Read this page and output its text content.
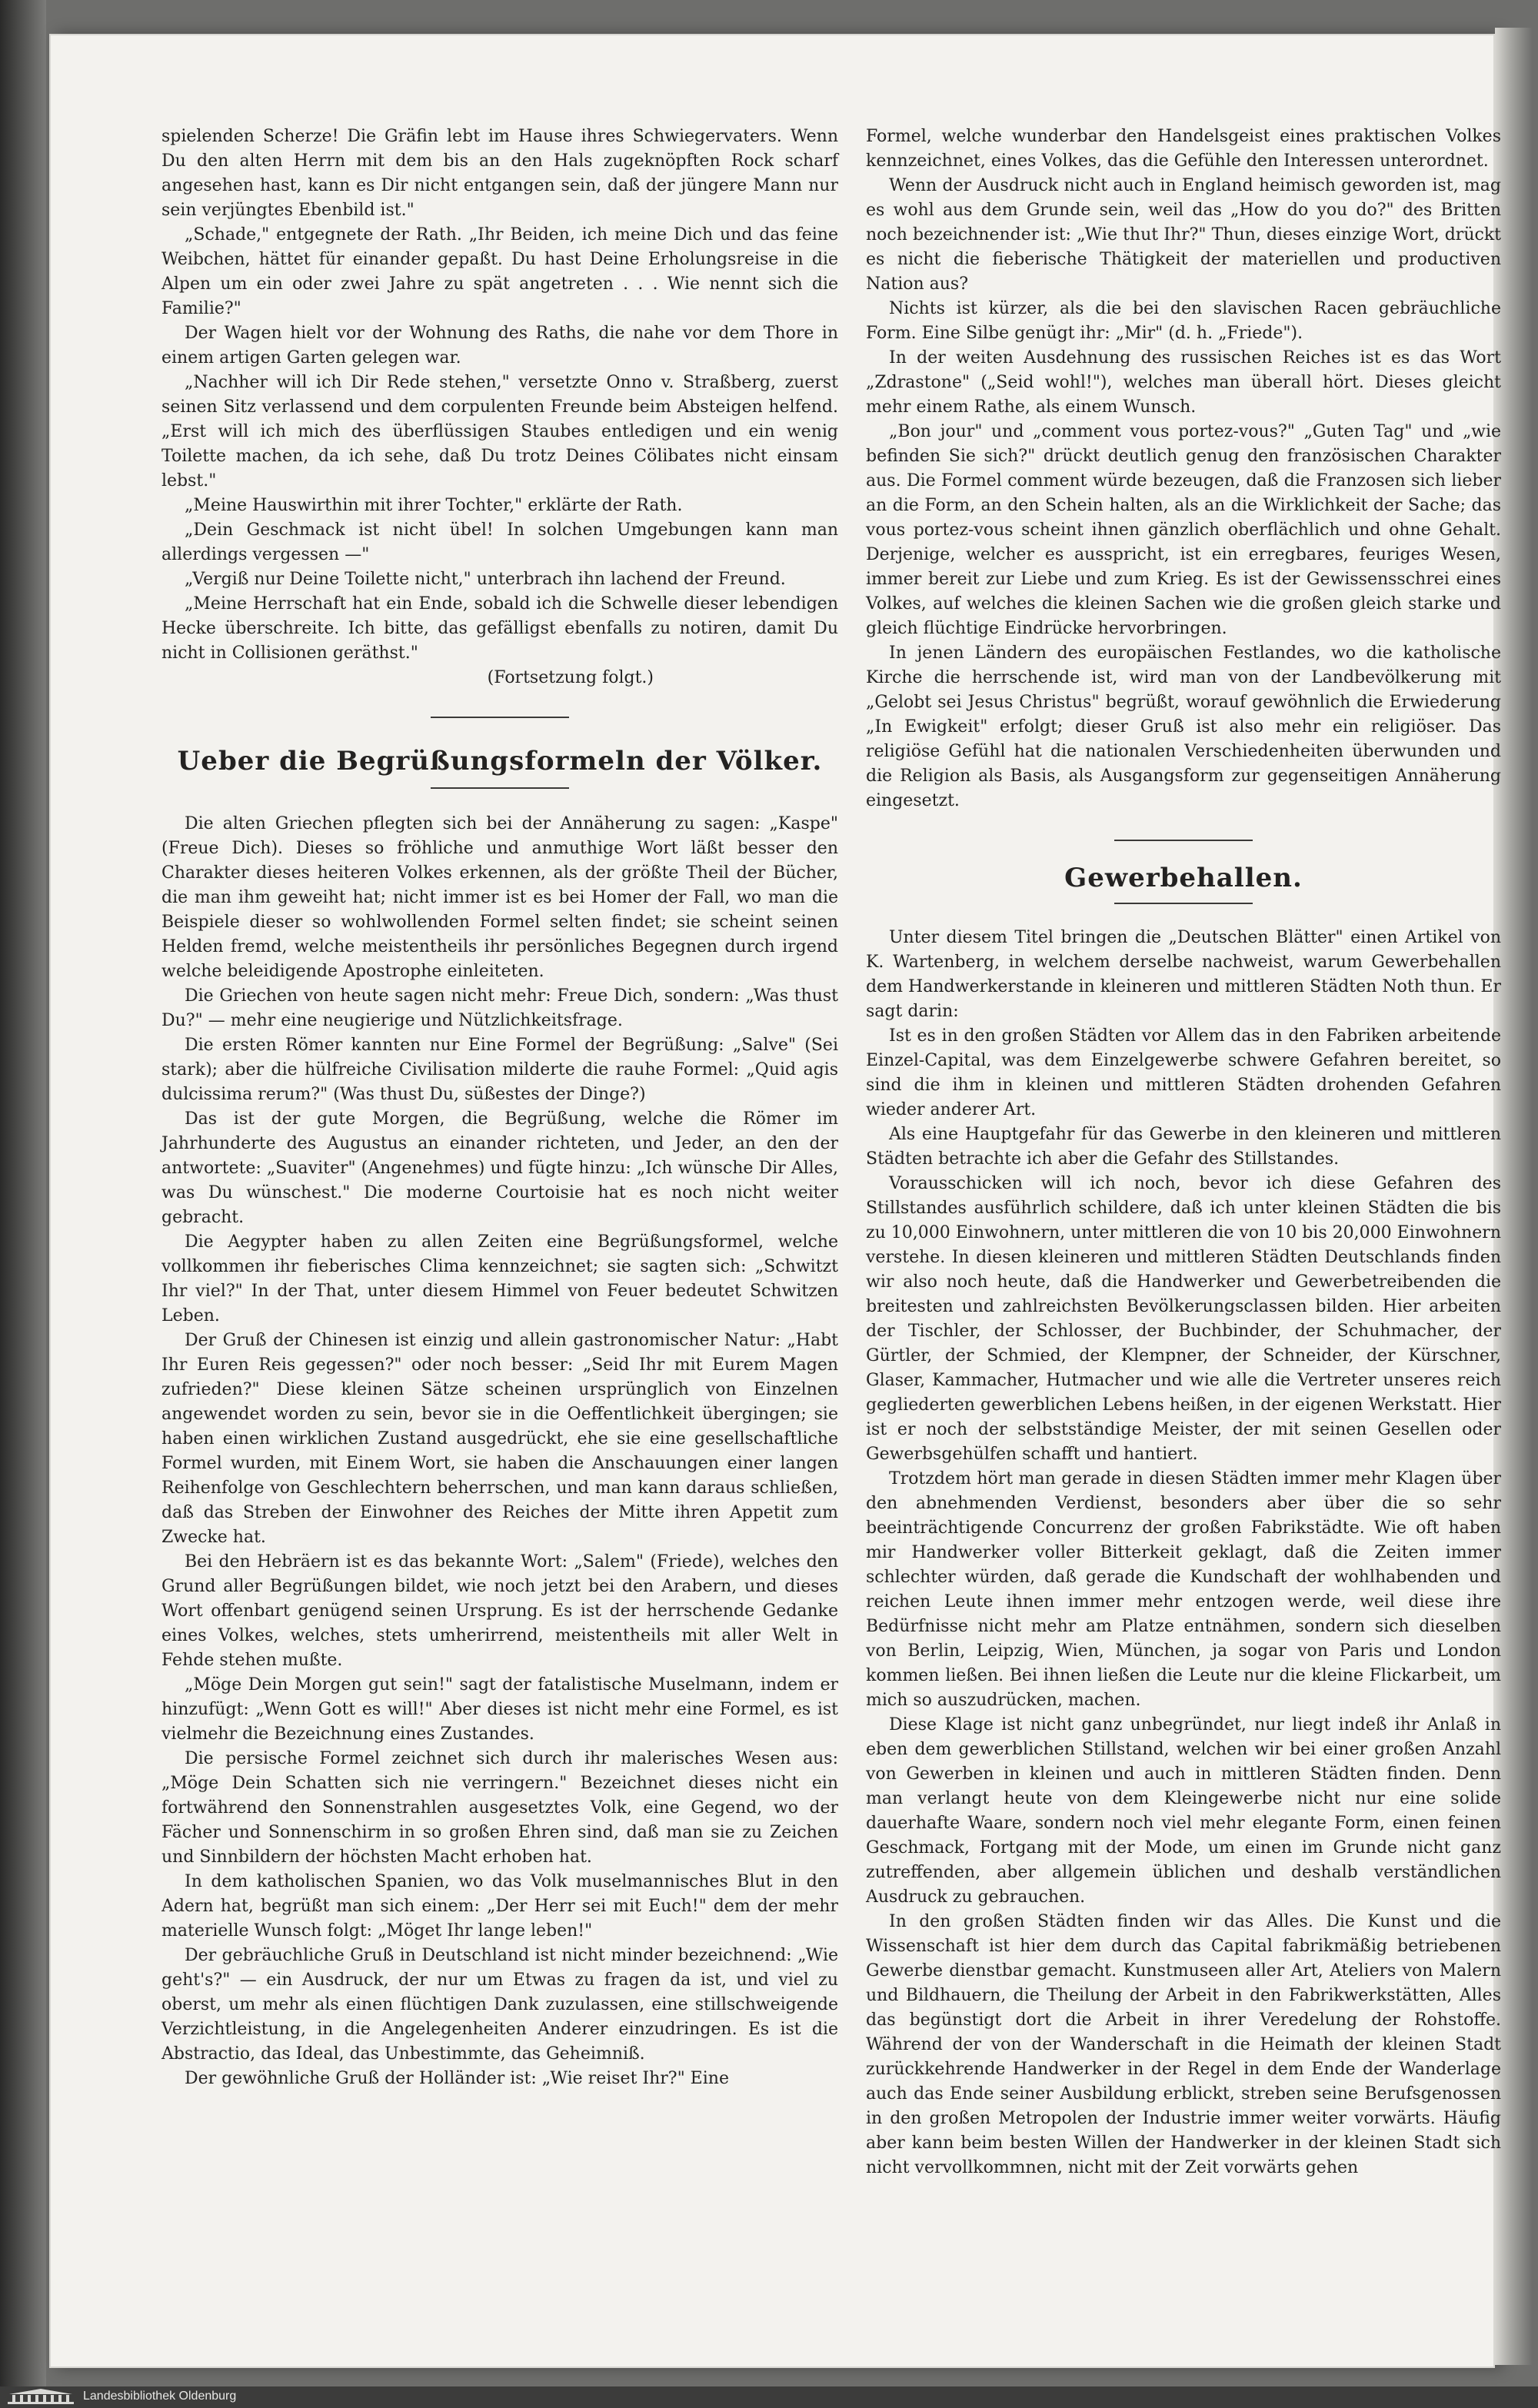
spielenden Scherze! Die Gräfin lebt im Hause ihres Schwiegervaters. Wenn Du den alten Herrn mit dem bis an den Hals zugeknöpften Rock scharf angesehen hast, kann es Dir nicht entgangen sein, daß der jüngere Mann nur sein verjüngtes Ebenbild ist."

„Schade," entgegnete der Rath. „Ihr Beiden, ich meine Dich und das feine Weibchen, hättet für einander gepaßt. Du hast Deine Erholungsreise in die Alpen um ein oder zwei Jahre zu spät angetreten . . . Wie nennt sich die Familie?"

Der Wagen hielt vor der Wohnung des Raths, die nahe vor dem Thore in einem artigen Garten gelegen war.

„Nachher will ich Dir Rede stehen," versetzte Onno v. Straßberg, zuerst seinen Sitz verlassend und dem corpulenten Freunde beim Absteigen helfend. „Erst will ich mich des überflüssigen Staubes entledigen und ein wenig Toilette machen, da ich sehe, daß Du trotz Deines Cölibates nicht einsam lebst."

„Meine Hauswirthin mit ihrer Tochter," erklärte der Rath.

„Dein Geschmack ist nicht übel! In solchen Umgebungen kann man allerdings vergessen —"

„Vergiß nur Deine Toilette nicht," unterbrach ihn lachend der Freund.

„Meine Herrschaft hat ein Ende, sobald ich die Schwelle dieser lebendigen Hecke überschreite. Ich bitte, das gefälligst ebenfalls zu notiren, damit Du nicht in Collisionen geräthst."

(Fortsetzung folgt.)

Ueber die Begrüßungsformeln der Völker.

Die alten Griechen pflegten sich bei der Annäherung zu sagen: „Kaspe" (Freue Dich). Dieses so fröhliche und anmuthige Wort läßt besser den Charakter dieses heiteren Volkes erkennen, als der größte Theil der Bücher, die man ihm geweiht hat; nicht immer ist es bei Homer der Fall, wo man die Beispiele dieser so wohlwollenden Formel selten findet; sie scheint seinen Helden fremd, welche meistentheils ihr persönliches Begegnen durch irgend welche beleidigende Apostrophe einleiteten.

Die Griechen von heute sagen nicht mehr: Freue Dich, sondern: „Was thust Du?" — mehr eine neugierige und Nützlichkeitsfrage.

Die ersten Römer kannten nur Eine Formel der Begrüßung: „Salve" (Sei stark); aber die hülfreiche Civilisation milderte die rauhe Formel: „Quid agis dulcissima rerum?" (Was thust Du, süßestes der Dinge?)

Das ist der gute Morgen, die Begrüßung, welche die Römer im Jahrhunderte des Augustus an einander richteten, und Jeder, an den der antwortete: „Suaviter" (Angenehmes) und fügte hinzu: „Ich wünsche Dir Alles, was Du wünschest." Die moderne Courtoisie hat es noch nicht weiter gebracht.

Die Aegypter haben zu allen Zeiten eine Begrüßungsformel, welche vollkommen ihr fieberisches Clima kennzeichnet; sie sagten sich: „Schwitzt Ihr viel?" In der That, unter diesem Himmel von Feuer bedeutet Schwitzen Leben.

Der Gruß der Chinesen ist einzig und allein gastronomischer Natur: „Habt Ihr Euren Reis gegessen?" oder noch besser: „Seid Ihr mit Eurem Magen zufrieden?" Diese kleinen Sätze scheinen ursprünglich von Einzelnen angewendet worden zu sein, bevor sie in die Oeffentlichkeit übergingen; sie haben einen wirklichen Zustand ausgedrückt, ehe sie eine gesellschaftliche Formel wurden, mit Einem Wort, sie haben die Anschauungen einer langen Reihenfolge von Geschlechtern beherrschen, und man kann daraus schließen, daß das Streben der Einwohner des Reiches der Mitte ihren Appetit zum Zwecke hat.

Bei den Hebräern ist es das bekannte Wort: „Salem" (Friede), welches den Grund aller Begrüßungen bildet, wie noch jetzt bei den Arabern, und dieses Wort offenbart genügend seinen Ursprung. Es ist der herrschende Gedanke eines Volkes, welches, stets umherirrend, meistentheils mit aller Welt in Fehde stehen mußte.

„Möge Dein Morgen gut sein!" sagt der fatalistische Muselmann, indem er hinzufügt: „Wenn Gott es will!" Aber dieses ist nicht mehr eine Formel, es ist vielmehr die Bezeichnung eines Zustandes.

Die persische Formel zeichnet sich durch ihr malerisches Wesen aus: „Möge Dein Schatten sich nie verringern." Bezeichnet dieses nicht ein fortwährend den Sonnenstrahlen ausgesetztes Volk, eine Gegend, wo der Fächer und Sonnenschirm in so großen Ehren sind, daß man sie zu Zeichen und Sinnbildern der höchsten Macht erhoben hat.

In dem katholischen Spanien, wo das Volk muselmannisches Blut in den Adern hat, begrüßt man sich einem: „Der Herr sei mit Euch!" dem der mehr materielle Wunsch folgt: „Möget Ihr lange leben!"

Der gebräuchliche Gruß in Deutschland ist nicht minder bezeichnend: „Wie geht's?" — ein Ausdruck, der nur um Etwas zu fragen da ist, und viel zu oberst, um mehr als einen flüchtigen Dank zuzulassen, eine stillschweigende Verzichtleistung, in die Angelegenheiten Anderer einzudringen. Es ist die Abstractio, das Ideal, das Unbestimmte, das Geheimniß.

Der gewöhnliche Gruß der Holländer ist: „Wie reiset Ihr?" Eine

Formel, welche wunderbar den Handelsgeist eines praktischen Volkes kennzeichnet, eines Volkes, das die Gefühle den Interessen unterordnet.

Wenn der Ausdruck nicht auch in England heimisch geworden ist, mag es wohl aus dem Grunde sein, weil das „How do you do?" des Britten noch bezeichnender ist: „Wie thut Ihr?" Thun, dieses einzige Wort, drückt es nicht die fieberische Thätigkeit der materiellen und productiven Nation aus?

Nichts ist kürzer, als die bei den slavischen Racen gebräuchliche Form. Eine Silbe genügt ihr: „Mir" (d. h. „Friede").

In der weiten Ausdehnung des russischen Reiches ist es das Wort „Zdrastone" („Seid wohl!"), welches man überall hört. Dieses gleicht mehr einem Rathe, als einem Wunsch.

„Bon jour" und „comment vous portez-vous?" „Guten Tag" und „wie befinden Sie sich?" drückt deutlich genug den französischen Charakter aus. Die Formel comment würde bezeugen, daß die Franzosen sich lieber an die Form, an den Schein halten, als an die Wirklichkeit der Sache; das vous portez-vous scheint ihnen gänzlich oberflächlich und ohne Gehalt. Derjenige, welcher es ausspricht, ist ein erregbares, feuriges Wesen, immer bereit zur Liebe und zum Krieg. Es ist der Gewissensschrei eines Volkes, auf welches die kleinen Sachen wie die großen gleich starke und gleich flüchtige Eindrücke hervorbringen.

In jenen Ländern des europäischen Festlandes, wo die katholische Kirche die herrschende ist, wird man von der Landbevölkerung mit „Gelobt sei Jesus Christus" begrüßt, worauf gewöhnlich die Erwiederung „In Ewigkeit" erfolgt; dieser Gruß ist also mehr ein religiöser. Das religiöse Gefühl hat die nationalen Verschiedenheiten überwunden und die Religion als Basis, als Ausgangsform zur gegenseitigen Annäherung eingesetzt.

Gewerbehallen.

Unter diesem Titel bringen die „Deutschen Blätter" einen Artikel von K. Wartenberg, in welchem derselbe nachweist, warum Gewerbehallen dem Handwerkerstande in kleineren und mittleren Städten Noth thun. Er sagt darin:

Ist es in den großen Städten vor Allem das in den Fabriken arbeitende Einzel-Capital, was dem Einzelgewerbe schwere Gefahren bereitet, so sind die ihm in kleinen und mittleren Städten drohenden Gefahren wieder anderer Art.

Als eine Hauptgefahr für das Gewerbe in den kleineren und mittleren Städten betrachte ich aber die Gefahr des Stillstandes.

Vorausschicken will ich noch, bevor ich diese Gefahren des Stillstandes ausführlich schildere, daß ich unter kleinen Städten die bis zu 10,000 Einwohnern, unter mittleren die von 10 bis 20,000 Einwohnern verstehe. In diesen kleineren und mittleren Städten Deutschlands finden wir also noch heute, daß die Handwerker und Gewerbetreibenden die breitesten und zahlreichsten Bevölkerungsclassen bilden. Hier arbeiten der Tischler, der Schlosser, der Buchbinder, der Schuhmacher, der Gürtler, der Schmied, der Klempner, der Schneider, der Kürschner, Glaser, Kammacher, Hutmacher und wie alle die Vertreter unseres reich gegliederten gewerblichen Lebens heißen, in der eigenen Werkstatt. Hier ist er noch der selbstständige Meister, der mit seinen Gesellen oder Gewerbsgehülfen schafft und hantiert.

Trotzdem hört man gerade in diesen Städten immer mehr Klagen über den abnehmenden Verdienst, besonders aber über die so sehr beeinträchtigende Concurrenz der großen Fabrikstädte. Wie oft haben mir Handwerker voller Bitterkeit geklagt, daß die Zeiten immer schlechter würden, daß gerade die Kundschaft der wohlhabenden und reichen Leute ihnen immer mehr entzogen werde, weil diese ihre Bedürfnisse nicht mehr am Platze entnähmen, sondern sich dieselben von Berlin, Leipzig, Wien, München, ja sogar von Paris und London kommen ließen. Bei ihnen ließen die Leute nur die kleine Flickarbeit, um mich so auszudrücken, machen.

Diese Klage ist nicht ganz unbegründet, nur liegt indeß ihr Anlaß in eben dem gewerblichen Stillstand, welchen wir bei einer großen Anzahl von Gewerben in kleinen und auch in mittleren Städten finden. Denn man verlangt heute von dem Kleingewerbe nicht nur eine solide dauerhafte Waare, sondern noch viel mehr elegante Form, einen feinen Geschmack, Fortgang mit der Mode, um einen im Grunde nicht ganz zutreffenden, aber allgemein üblichen und deshalb verständlichen Ausdruck zu gebrauchen.

In den großen Städten finden wir das Alles. Die Kunst und die Wissenschaft ist hier dem durch das Capital fabrikmäßig betriebenen Gewerbe dienstbar gemacht. Kunstmuseen aller Art, Ateliers von Malern und Bildhauern, die Theilung der Arbeit in den Fabrikwerkstätten, Alles das begünstigt dort die Arbeit in ihrer Veredelung der Rohstoffe. Während der von der Wanderschaft in die Heimath der kleinen Stadt zurückkehrende Handwerker in der Regel in dem Ende der Wanderlage auch das Ende seiner Ausbildung erblickt, streben seine Berufsgenossen in den großen Metropolen der Industrie immer weiter vorwärts. Häufig aber kann beim besten Willen der Handwerker in der kleinen Stadt sich nicht vervollkommnen, nicht mit der Zeit vorwärts gehen

Landesbibliothek Oldenburg
